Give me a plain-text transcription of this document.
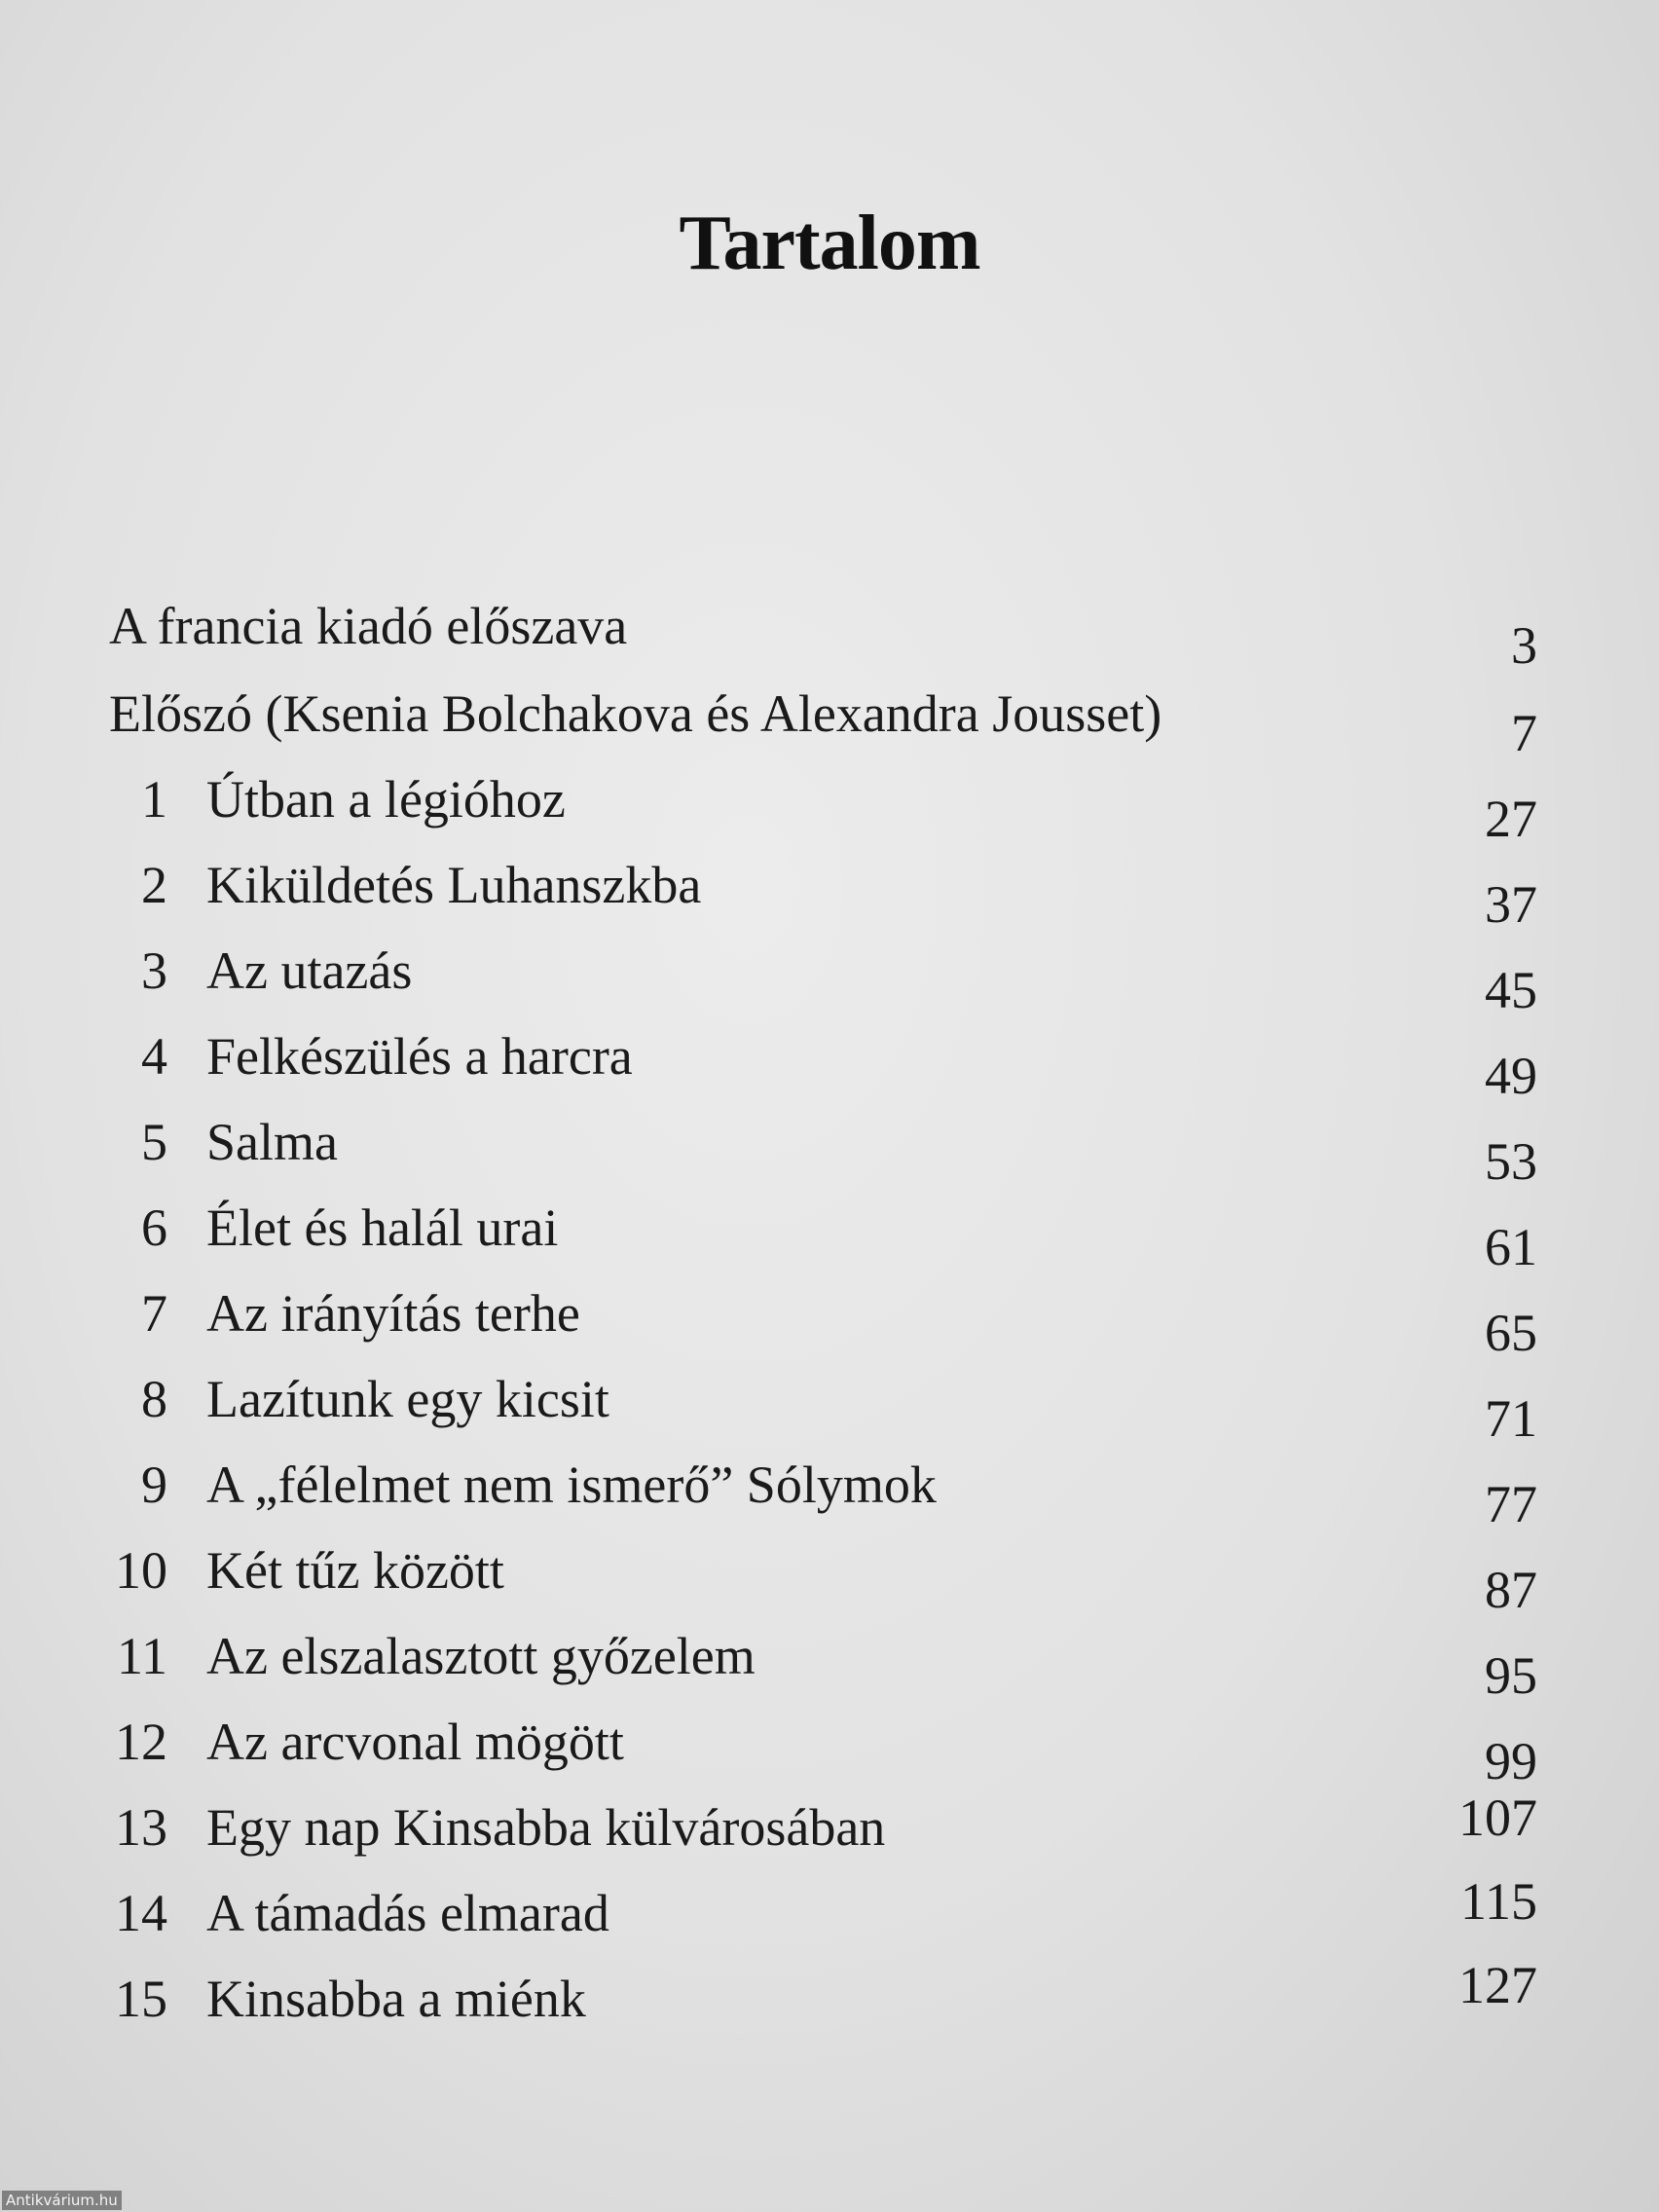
Tartalom
A francia kiadó előszava	3
Előszó (Ksenia Bolchakova és Alexandra Jousset)	7
1 Útban a légióhoz	27
2 Kiküldetés Luhanszkba	37
3 Az utazás	45
4 Felkészülés a harcra	49
5 Salma	53
6 Élet és halál urai	61
7 Az irányítás terhe	65
8 Lazítunk egy kicsit	71
9 A „félelmet nem ismerő” Sólymok	77
10 Két tűz között	87
11 Az elszalasztott győzelem	95
12 Az arcvonal mögött	99
13 Egy nap Kinsabba külvárosában	107
14 A támadás elmarad	115
15 Kinsabba a miénk	127
Antikvárium.hu
